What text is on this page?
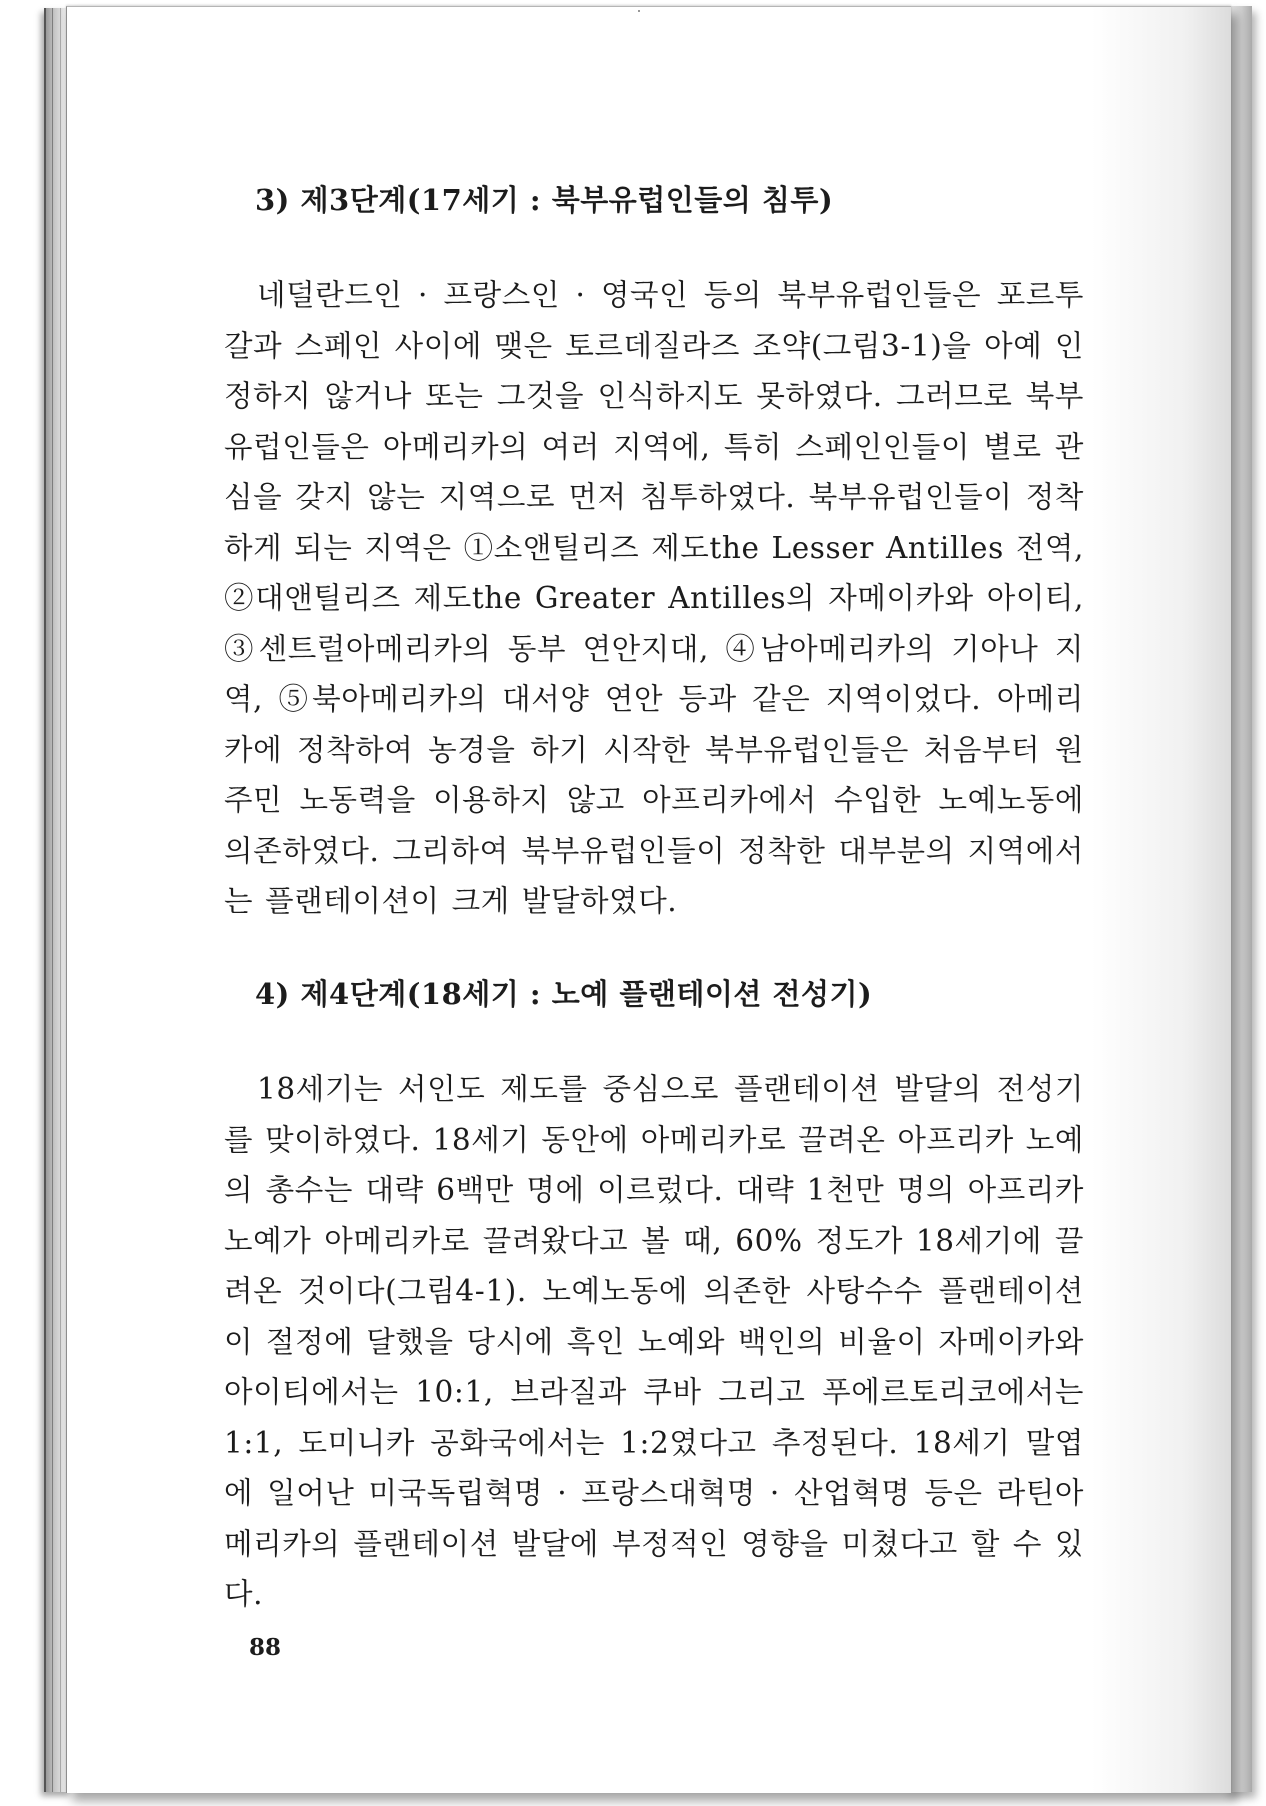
3) 제3단계(17세기 : 북부유럽인들의 침투)

네덜란드인 · 프랑스인 · 영국인 등의 북부유럽인들은 포르투갈과 스페인 사이에 맺은 토르데질라즈 조약(그림3-1)을 아예 인정하지 않거나 또는 그것을 인식하지도 못하였다. 그러므로 북부유럽인들은 아메리카의 여러 지역에, 특히 스페인인들이 별로 관심을 갖지 않는 지역으로 먼저 침투하였다. 북부유럽인들이 정착하게 되는 지역은 ①소앤틸리즈 제도the Lesser Antilles 전역, ②대앤틸리즈 제도the Greater Antilles의 자메이카와 아이티, ③센트럴아메리카의 동부 연안지대, ④남아메리카의 기아나 지역, ⑤북아메리카의 대서양 연안 등과 같은 지역이었다. 아메리카에 정착하여 농경을 하기 시작한 북부유럽인들은 처음부터 원주민 노동력을 이용하지 않고 아프리카에서 수입한 노예노동에 의존하였다. 그리하여 북부유럽인들이 정착한 대부분의 지역에서는 플랜테이션이 크게 발달하였다.

4) 제4단계(18세기 : 노예 플랜테이션 전성기)

18세기는 서인도 제도를 중심으로 플랜테이션 발달의 전성기를 맞이하였다. 18세기 동안에 아메리카로 끌려온 아프리카 노예의 총수는 대략 6백만 명에 이르렀다. 대략 1천만 명의 아프리카 노예가 아메리카로 끌려왔다고 볼 때, 60% 정도가 18세기에 끌려온 것이다(그림4-1). 노예노동에 의존한 사탕수수 플랜테이션이 절정에 달했을 당시에 흑인 노예와 백인의 비율이 자메이카와 아이티에서는 10:1, 브라질과 쿠바 그리고 푸에르토리코에서는 1:1, 도미니카 공화국에서는 1:2였다고 추정된다. 18세기 말엽에 일어난 미국독립혁명 · 프랑스대혁명 · 산업혁명 등은 라틴아메리카의 플랜테이션 발달에 부정적인 영향을 미쳤다고 할 수 있다.

88
